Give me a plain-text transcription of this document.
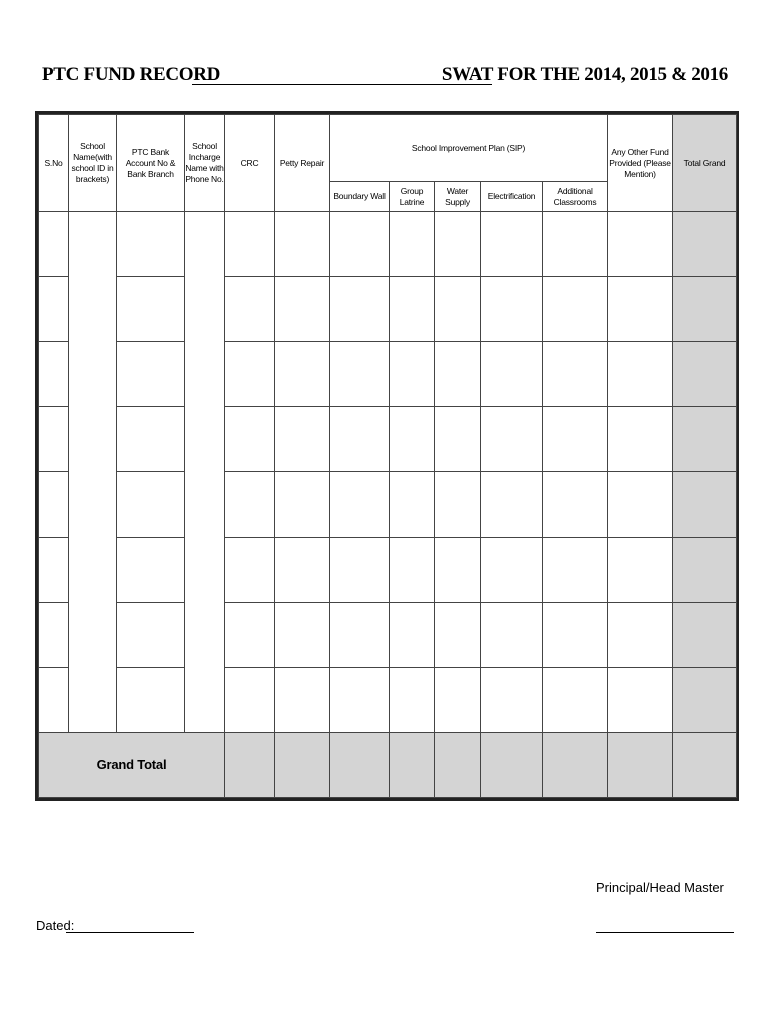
PTC FUND RECORD	SWAT FOR THE 2014, 2015 & 2016
S.No	School Name(with school ID in brackets)	PTC Bank Account No & Bank Branch	School Incharge Name with Phone No.	CRC	Petty Repair	School Improvement Plan (SIP)					Any Other Fund Provided (Please Mention)	Total Grand
						Boundary Wall	Group Latrine	Water Supply	Electrification	Additional Classrooms		

Grand Total												
Principal/Head Master
Dated:
